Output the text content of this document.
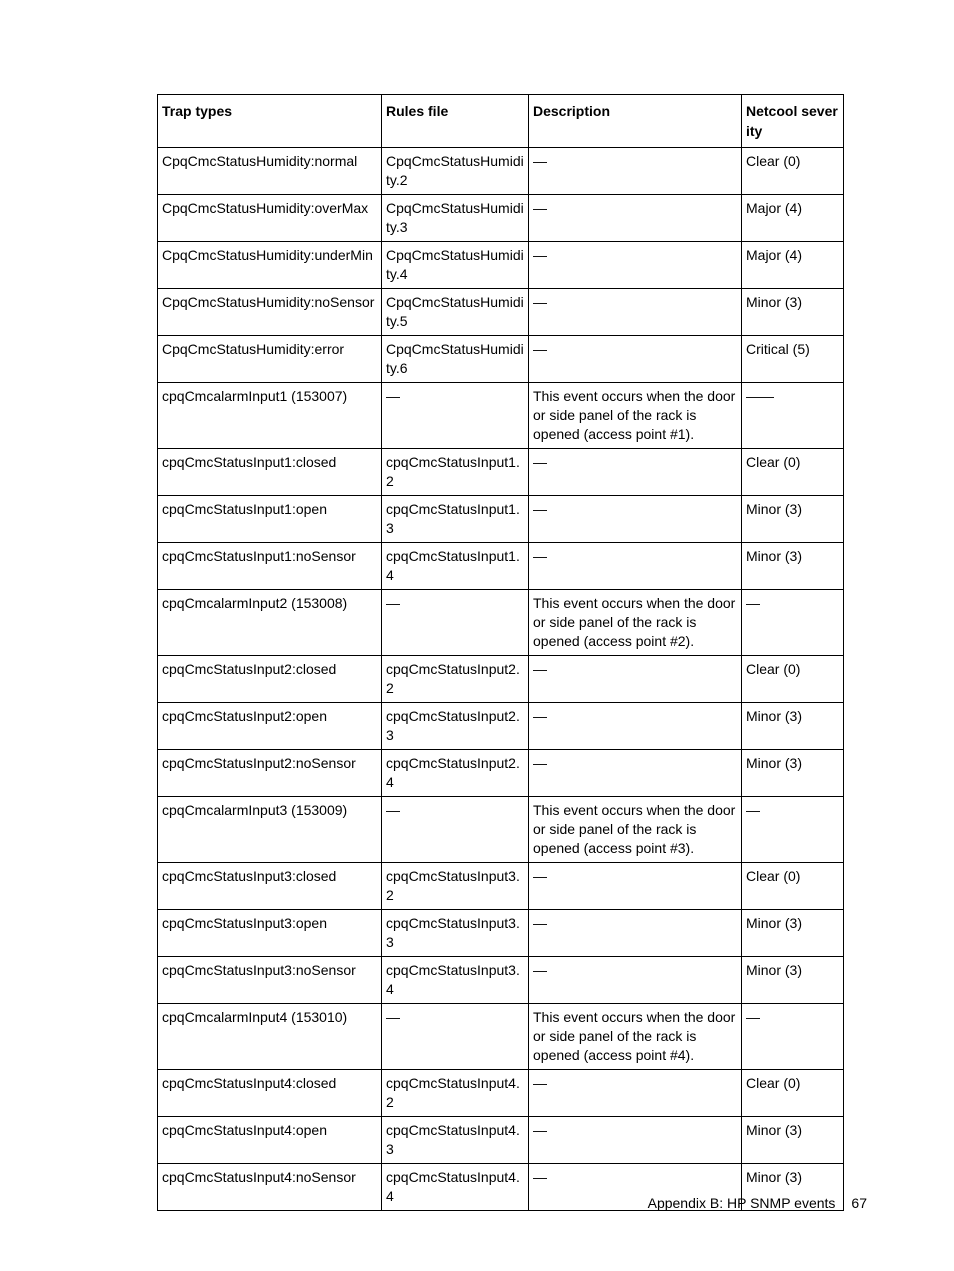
Trap types	Rules file	Description	Netcool severity
CpqCmcStatusHumidity:normal	CpqCmcStatusHumidity.2	—	Clear (0)
CpqCmcStatusHumidity:overMax	CpqCmcStatusHumidity.3	—	Major (4)
CpqCmcStatusHumidity:underMin	CpqCmcStatusHumidity.4	—	Major (4)
CpqCmcStatusHumidity:noSensor	CpqCmcStatusHumidity.5	—	Minor (3)
CpqCmcStatusHumidity:error	CpqCmcStatusHumidity.6	—	Critical (5)
cpqCmcalarmInput1 (153007)	—	This event occurs when the door or side panel of the rack is opened (access point #1).	——
cpqCmcStatusInput1:closed	cpqCmcStatusInput1.2	—	Clear (0)
cpqCmcStatusInput1:open	cpqCmcStatusInput1.3	—	Minor (3)
cpqCmcStatusInput1:noSensor	cpqCmcStatusInput1.4	—	Minor (3)
cpqCmcalarmInput2 (153008)	—	This event occurs when the door or side panel of the rack is opened (access point #2).	—
cpqCmcStatusInput2:closed	cpqCmcStatusInput2.2	—	Clear (0)
cpqCmcStatusInput2:open	cpqCmcStatusInput2.3	—	Minor (3)
cpqCmcStatusInput2:noSensor	cpqCmcStatusInput2.4	—	Minor (3)
cpqCmcalarmInput3 (153009)	—	This event occurs when the door or side panel of the rack is opened (access point #3).	—
cpqCmcStatusInput3:closed	cpqCmcStatusInput3.2	—	Clear (0)
cpqCmcStatusInput3:open	cpqCmcStatusInput3.3	—	Minor (3)
cpqCmcStatusInput3:noSensor	cpqCmcStatusInput3.4	—	Minor (3)
cpqCmcalarmInput4 (153010)	—	This event occurs when the door or side panel of the rack is opened (access point #4).	—
cpqCmcStatusInput4:closed	cpqCmcStatusInput4.2	—	Clear (0)
cpqCmcStatusInput4:open	cpqCmcStatusInput4.3	—	Minor (3)
cpqCmcStatusInput4:noSensor	cpqCmcStatusInput4.4	—	Minor (3)
Appendix B: HP SNMP events 67
